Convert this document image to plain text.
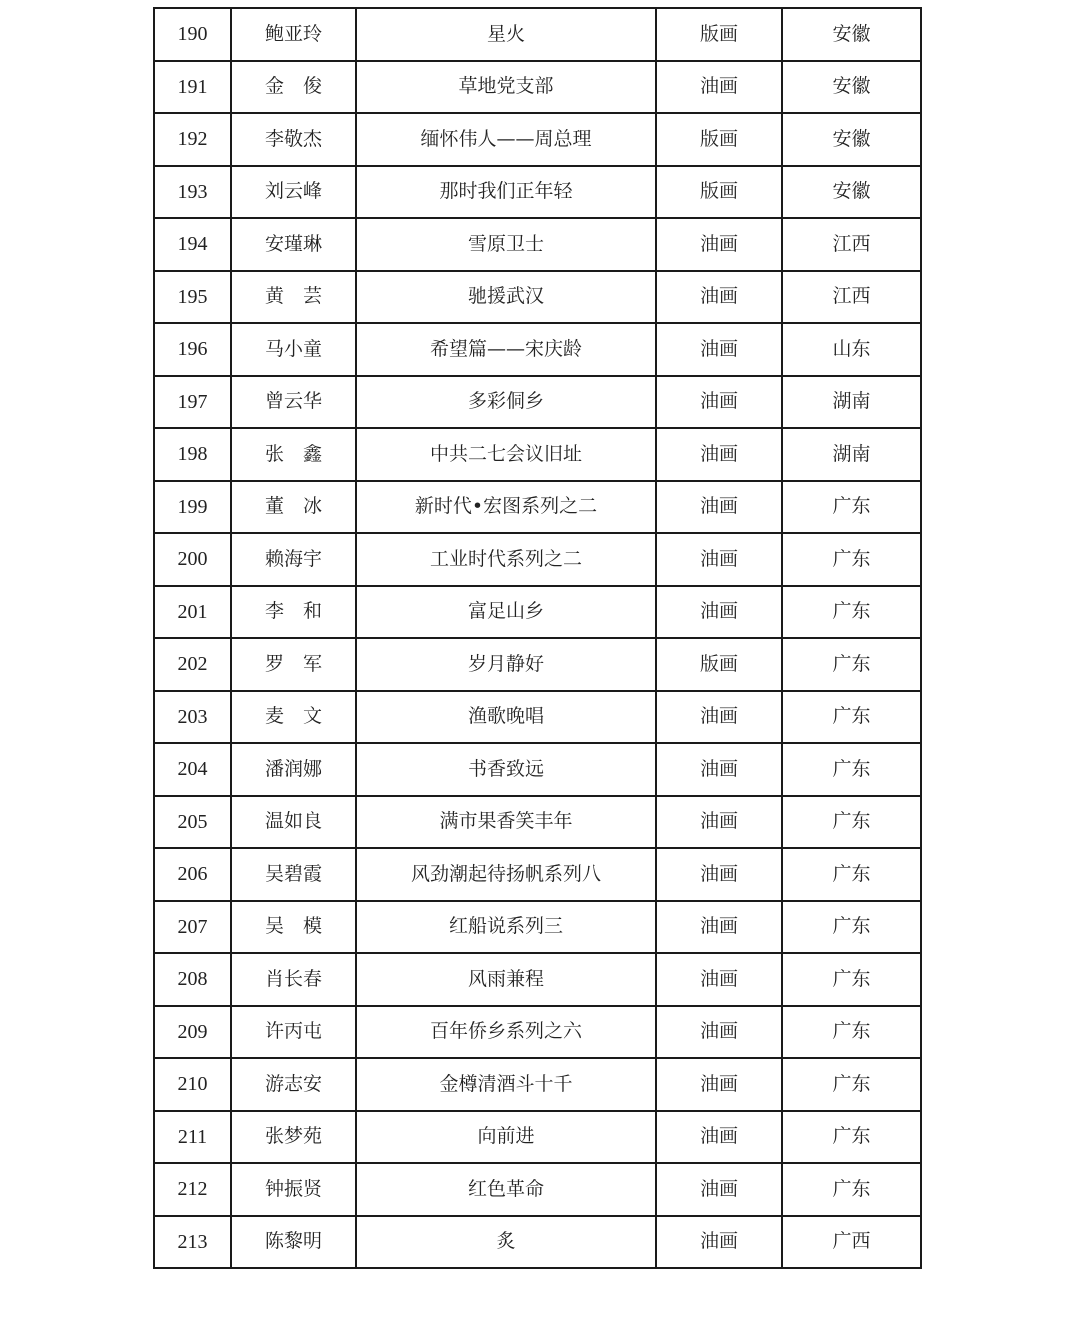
190	鲍亚玲	星火	版画	安徽
191	金　俊	草地党支部	油画	安徽
192	李敬杰	缅怀伟人——周总理	版画	安徽
193	刘云峰	那时我们正年轻	版画	安徽
194	安瑾琳	雪原卫士	油画	江西
195	黄　芸	驰援武汉	油画	江西
196	马小童	希望篇——宋庆龄	油画	山东
197	曾云华	多彩侗乡	油画	湖南
198	张　鑫	中共二七会议旧址	油画	湖南
199	董　冰	新时代•宏图系列之二	油画	广东
200	赖海宇	工业时代系列之二	油画	广东
201	李　和	富足山乡	油画	广东
202	罗　军	岁月静好	版画	广东
203	麦　文	渔歌晚唱	油画	广东
204	潘润娜	书香致远	油画	广东
205	温如良	满市果香笑丰年	油画	广东
206	吴碧霞	风劲潮起待扬帆系列八	油画	广东
207	吴　模	红船说系列三	油画	广东
208	肖长春	风雨兼程	油画	广东
209	许丙屯	百年侨乡系列之六	油画	广东
210	游志安	金樽清酒斗十千	油画	广东
211	张梦苑	向前进	油画	广东
212	钟振贤	红色革命	油画	广东
213	陈黎明	炙	油画	广西
